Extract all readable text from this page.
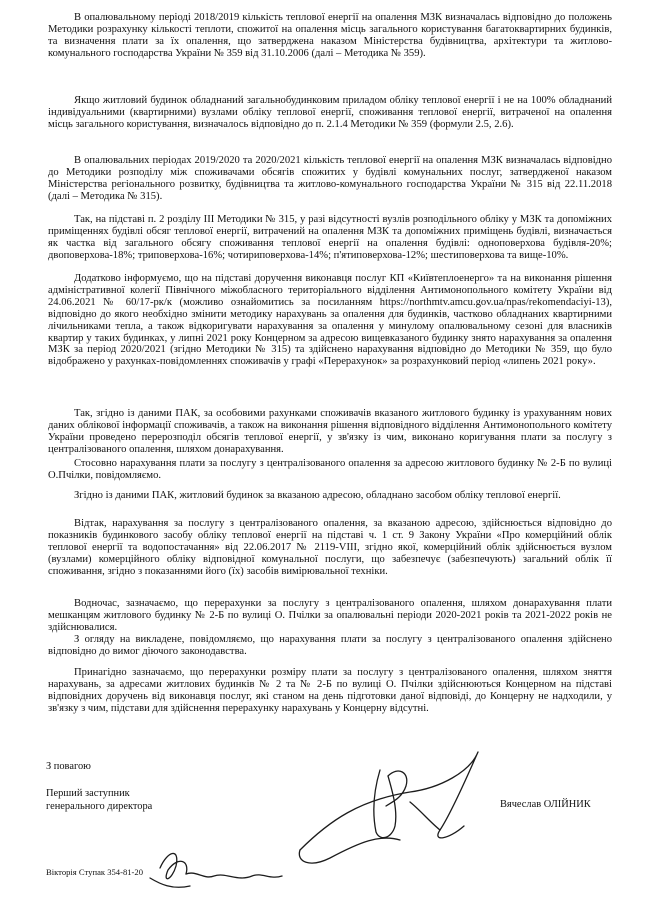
В опалювальному періоді 2018/2019 кількість теплової енергії на опалення МЗК визначалась відповідно до положень Методики розрахунку кількості теплоти, спожитої на опалення місць загального користування багатоквартирних будинків, та визначення плати за їх опалення, що затверджена наказом Міністерства будівництва, архітектури та житлово-комунального господарства України № 359 від 31.10.2006 (далі – Методика № 359).

Якщо житловий будинок обладнаний загальнобудинковим приладом обліку теплової енергії і не на 100% обладнаний індивідуальними (квартирними) вузлами обліку теплової енергії, споживання теплової енергії, витраченої на опалення місць загального користування, визначалось відповідно до п. 2.1.4 Методики № 359 (формули 2.5, 2.6).

В опалювальних періодах 2019/2020 та 2020/2021 кількість теплової енергії на опалення МЗК визначалась відповідно до Методики розподілу між споживачами обсягів спожитих у будівлі комунальних послуг, затвердженої наказом Міністерства регіонального розвитку, будівництва та житлово-комунального господарства України № 315 від 22.11.2018 (далі – Методика № 315).

Так, на підставі п. 2 розділу III Методики № 315, у разі відсутності вузлів розподільного обліку у МЗК та допоміжних приміщеннях будівлі обсяг теплової енергії, витрачений на опалення МЗК та допоміжних приміщень будівлі, визначається як частка від загального обсягу споживання теплової енергії на опалення будівлі: одноповерхова будівля-20%; двоповерхова-18%; триповерхова-16%; чотириповерхова-14%; п'ятиповерхова-12%; шестиповерхова та вище-10%.

Додатково інформуємо, що на підставі доручення виконавця послуг КП «Київтеплоенерго» та на виконання рішення адміністративної колегії Північного міжобласного територіального відділення Антимонопольного комітету України від 24.06.2021 № 60/17-рк/к (можливо ознайомитись за посиланням https://northmtv.amcu.gov.ua/npas/rekomendaciyi-13), відповідно до якого необхідно змінити методику нарахувань за опалення для будинків, частково обладнаних квартирними лічильниками тепла, а також відкоригувати нарахування за опалення у минулому опалювальному сезоні для власників квартир у таких будинках, у липні 2021 року Концерном за адресою вищевказаного будинку знято нарахування за опалення МЗК за період 2020/2021 (згідно Методики № 315) та здійснено нарахування відповідно до Методики № 359, що було відображено у рахунках-повідомленнях споживачів у графі «Перерахунок» за розрахунковий період «липень 2021 року».

Так, згідно із даними ПАК, за особовими рахунками споживачів вказаного житлового будинку із урахуванням нових даних облікової інформації споживачів, а також на виконання рішення відповідного відділення Антимонопольного комітету України проведено перерозподіл обсягів теплової енергії, у зв'язку із чим, виконано коригування плати за послугу з централізованого опалення, шляхом донарахування.

Стосовно нарахування плати за послугу з централізованого опалення за адресою житлового будинку № 2-Б по вулиці О.Пчілки, повідомляємо.

Згідно із даними ПАК, житловий будинок за вказаною адресою, обладнано засобом обліку теплової енергії.

Відтак, нарахування за послугу з централізованого опалення, за вказаною адресою, здійснюється відповідно до показників будинкового засобу обліку теплової енергії на підставі ч. 1 ст. 9 Закону України «Про комерційний облік теплової енергії та водопостачання» від 22.06.2017 № 2119-VIII, згідно якої, комерційний облік здійснюється вузлом (вузлами) комерційного обліку відповідної комунальної послуги, що забезпечує (забезпечують) загальний облік її споживання, згідно з показаннями його (їх) засобів вимірювальної техніки.

Водночас, зазначаємо, що перерахунки за послугу з централізованого опалення, шляхом донарахування плати мешканцям житлового будинку № 2-Б по вулиці О. Пчілки за опалювальні періоди 2020-2021 років та 2021-2022 років не здійснювалися.

З огляду на викладене, повідомляємо, що нарахування плати за послугу з централізованого опалення здійснено відповідно до вимог діючого законодавства.

Принагідно зазначаємо, що перерахунки розміру плати за послугу з централізованого опалення, шляхом зняття нарахувань, за адресами житлових будинків № 2 та № 2-Б по вулиці О. Пчілки здійснюються Концерном на підставі відповідних доручень від виконавця послуг, які станом на день підготовки даної відповіді, до Концерну не надходили, у зв'язку з чим, підстави для здійснення перерахунку нарахувань у Концерну відсутні.

З повагою
Перший заступник
генерального директора	Вячеслав ОЛІЙНИК
Вікторія Ступак 354-81-20
